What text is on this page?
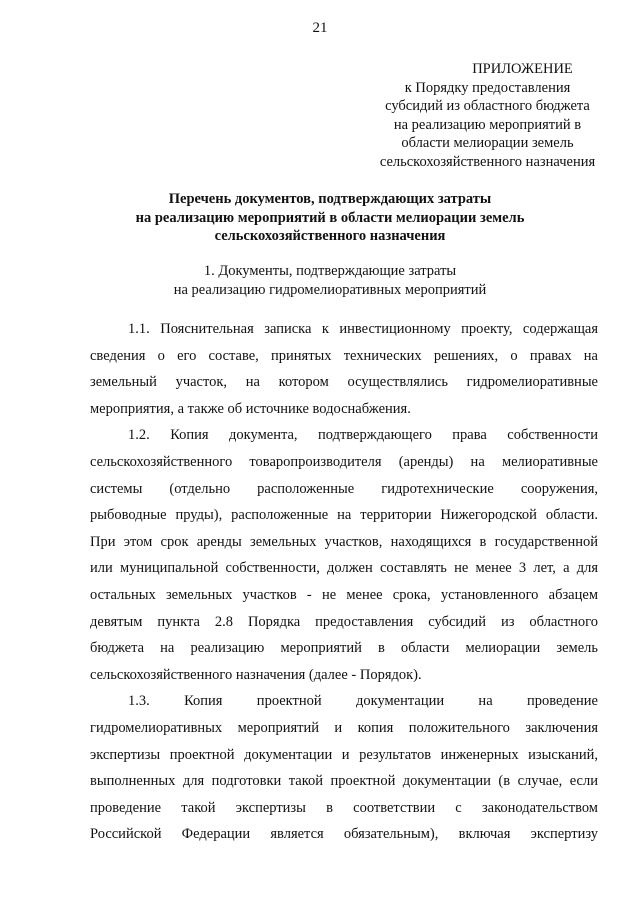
21
ПРИЛОЖЕНИЕ
к Порядку предоставления
субсидий из областного бюджета
на реализацию мероприятий в
области мелиорации земель
сельскохозяйственного назначения
Перечень документов, подтверждающих затраты
на реализацию мероприятий в области мелиорации земель
сельскохозяйственного назначения
1. Документы, подтверждающие затраты
на реализацию гидромелиоративных мероприятий
1.1. Пояснительная записка к инвестиционному проекту, содержащая
сведения о его составе, принятых технических решениях, о правах на
земельный участок, на котором осуществлялись гидромелиоративные
мероприятия, а также об источнике водоснабжения.
1.2. Копия документа, подтверждающего права собственности
сельскохозяйственного товаропроизводителя (аренды) на мелиоративные
системы (отдельно расположенные гидротехнические сооружения,
рыбоводные пруды), расположенные на территории Нижегородской области.
При этом срок аренды земельных участков, находящихся в государственной
или муниципальной собственности, должен составлять не менее 3 лет, а для
остальных земельных участков - не менее срока, установленного абзацем
девятым пункта 2.8 Порядка предоставления субсидий из областного
бюджета на реализацию мероприятий в области мелиорации земель
сельскохозяйственного назначения (далее - Порядок).
1.3. Копия проектной документации на проведение
гидромелиоративных мероприятий и копия положительного заключения
экспертизы проектной документации и результатов инженерных изысканий,
выполненных для подготовки такой проектной документации (в случае, если
проведение такой экспертизы в соответствии с законодательством
Российской Федерации является обязательным), включая экспертизу
